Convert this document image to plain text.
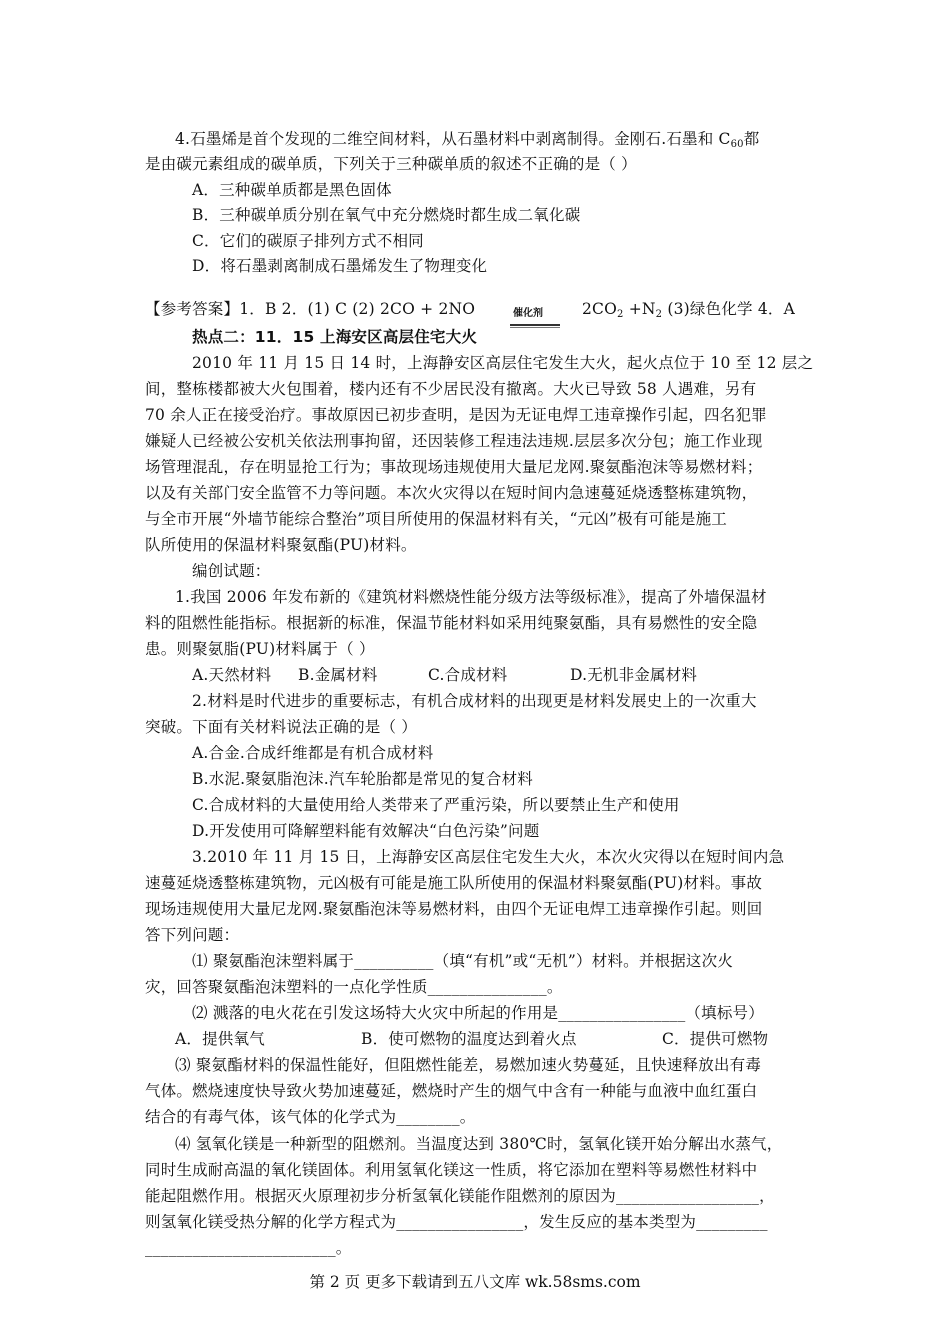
4.石墨烯是首个发现的二维空间材料，从石墨材料中剥离制得。金刚石.石墨和 $C_{60}$都
是由碳元素组成的碳单质，下列关于三种碳单质的叙述不正确的是（ ）
A．三种碳单质都是黑色固体
B．三种碳单质分别在氧气中充分燃烧时都生成二氧化碳
C．它们的碳原子排列方式不相同
D．将石墨剥离制成石墨烯发生了物理变化
【参考答案】1．B 2．(1) C (2) 2CO + 2NO	催化剂	$2CO_2 +N_2$ (3)绿色化学 4．A
热点二：11．15 上海安区高层住宅大火
2010 年 11 月 15 日 14 时，上海静安区高层住宅发生大火，起火点位于 10 至 12 层之
间，整栋楼都被大火包围着，楼内还有不少居民没有撤离。大火已导致 58 人遇难，另有
70 余人正在接受治疗。事故原因已初步查明，是因为无证电焊工违章操作引起，四名犯罪
嫌疑人已经被公安机关依法刑事拘留，还因装修工程违法违规.层层多次分包；施工作业现
场管理混乱，存在明显抢工行为；事故现场违规使用大量尼龙网.聚氨酯泡沫等易燃材料；
以及有关部门安全监管不力等问题。本次火灾得以在短时间内急速蔓延烧透整栋建筑物，
与全市开展“外墙节能综合整治”项目所使用的保温材料有关，“元凶”极有可能是施工
队所使用的保温材料聚氨酯(PU)材料。
编创试题：
1.我国 2006 年发布新的《建筑材料燃烧性能分级方法等级标准》，提高了外墙保温材
料的阻燃性能指标。根据新的标准，保温节能材料如采用纯聚氨酯，具有易燃性的安全隐
患。则聚氨脂(PU)材料属于（ ）
A.天然材料 B.金属材料	C.合成材料	D.无机非金属材料
2.材料是时代进步的重要标志，有机合成材料的出现更是材料发展史上的一次重大
突破。下面有关材料说法正确的是（ ）
A.合金.合成纤维都是有机合成材料
B.水泥.聚氨脂泡沫.汽车轮胎都是常见的复合材料
C.合成材料的大量使用给人类带来了严重污染，所以要禁止生产和使用
D.开发使用可降解塑料能有效解决“白色污染”问题
3.2010 年 11 月 15 日，上海静安区高层住宅发生大火，本次火灾得以在短时间内急
速蔓延烧透整栋建筑物，元凶极有可能是施工队所使用的保温材料聚氨酯(PU)材料。事故
现场违规使用大量尼龙网.聚氨酯泡沫等易燃材料，由四个无证电焊工违章操作引起。则回
答下列问题：
⑴ 聚氨酯泡沫塑料属于__________（填“有机”或“无机”）材料。并根据这次火
灾，回答聚氨酯泡沫塑料的一点化学性质_______________。
⑵ 溅落的电火花在引发这场特大火灾中所起的作用是________________（填标号）
A．提供氧气	B．使可燃物的温度达到着火点	C．提供可燃物
⑶ 聚氨酯材料的保温性能好，但阻燃性能差，易燃加速火势蔓延，且快速释放出有毒
气体。燃烧速度快导致火势加速蔓延，燃烧时产生的烟气中含有一种能与血液中血红蛋白
结合的有毒气体，该气体的化学式为________。
⑷ 氢氧化镁是一种新型的阻燃剂。当温度达到 380℃时，氢氧化镁开始分解出水蒸气，
同时生成耐高温的氧化镁固体。利用氢氧化镁这一性质，将它添加在塑料等易燃性材料中
能起阻燃作用。根据灭火原理初步分析氢氧化镁能作阻燃剂的原因为__________________，
则氢氧化镁受热分解的化学方程式为________________，发生反应的基本类型为_________
________________________。
第 2 页 更多下载请到五八文库 wk.58sms.com
